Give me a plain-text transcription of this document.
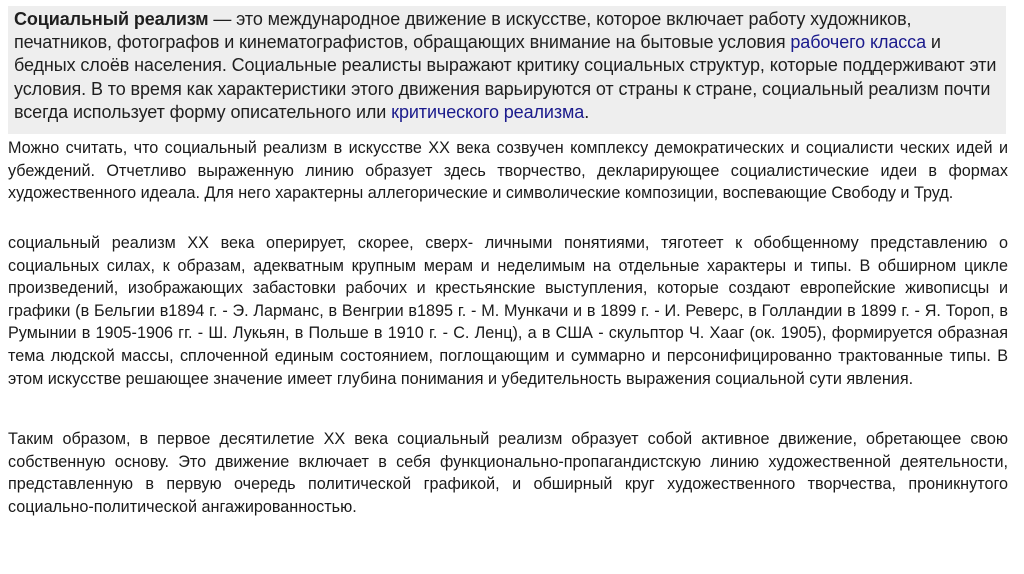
Социальный реализм — это международное движение в искусстве, которое включает работу художников, печатников, фотографов и кинематографистов, обращающих внимание на бытовые условия рабочего класса и бедных слоёв населения. Социальные реалисты выражают критику социальных структур, которые поддерживают эти условия. В то время как характеристики этого движения варьируются от страны к стране, социальный реализм почти всегда использует форму описательного или критического реализма.

Можно считать, что социальный реализм в искусстве XX века созвучен комплексу демократических и социалисти ческих идей и убеждений. Отчетливо выраженную линию образует здесь творчество, декларирующее социалистические идеи в формах художественного идеала. Для него характерны аллегорические и символические композиции, воспевающие Свободу и Труд.

социальный реализм XX века оперирует, скорее, сверх- личными понятиями, тяготеет к обобщенному представлению о социальных силах, к образам, адекватным крупным мерам и неделимым на отдельные характеры и типы. В обширном цикле произведений, изображающих забастовки рабочих и крестьянские выступления, которые создают европейские живописцы и графики (в Бельгии в1894 г. - Э. Ларманс, в Венгрии в1895 г. - М. Мункачи и в 1899 г. - И. Реверс, в Голландии в 1899 г. - Я. Тороп, в Румынии в 1905-1906 гг. - Ш. Лукьян, в Польше в 1910 г. - С. Ленц), а в США - скульптор Ч. Хааг (ок. 1905), формируется образная тема людской массы, сплоченной единым состоянием, поглощающим и суммарно и персонифицированно трактованные типы. В этом искусстве решающее значение имеет глубина понимания и убедительность выражения социальной сути явления.

Таким образом, в первое десятилетие XX века социальный реализм образует собой активное движение, обретающее свою собственную основу. Это движение включает в себя функционально-пропагандистскую линию художественной деятельности, представленную в первую очередь политической графикой, и обширный круг художественного творчества, проникнутого социально-политической ангажированностью.
